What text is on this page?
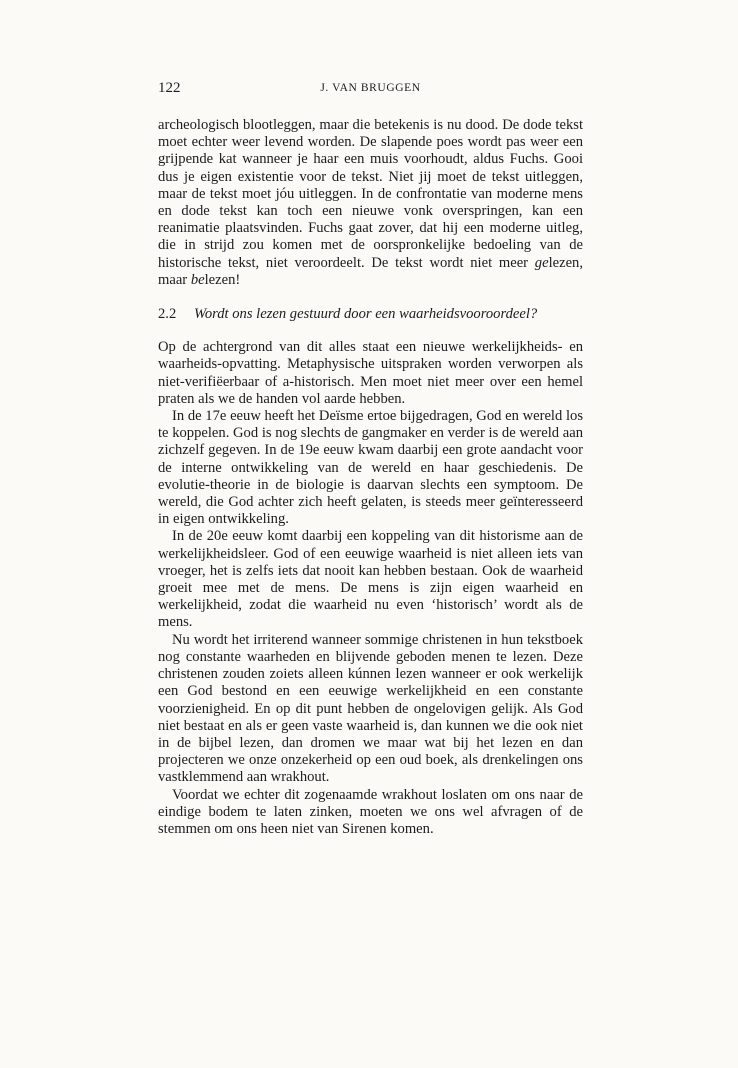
122	J. VAN BRUGGEN

archeologisch blootleggen, maar die betekenis is nu dood. De dode tekst moet echter weer levend worden. De slapende poes wordt pas weer een grijpende kat wanneer je haar een muis voorhoudt, aldus Fuchs. Gooi dus je eigen existentie voor de tekst. Niet jij moet de tekst uitleggen, maar de tekst moet jóu uitleggen. In de confrontatie van moderne mens en dode tekst kan toch een nieuwe vonk overspringen, kan een reanimatie plaatsvinden. Fuchs gaat zover, dat hij een moderne uitleg, die in strijd zou komen met de oorspronkelijke bedoeling van de historische tekst, niet veroordeelt. De tekst wordt niet meer gelezen, maar belezen!

2.2 Wordt ons lezen gestuurd door een waarheidsvooroordeel?

Op de achtergrond van dit alles staat een nieuwe werkelijkheids- en waarheids-opvatting. Metaphysische uitspraken worden verworpen als niet-verifiëerbaar of a-historisch. Men moet niet meer over een hemel praten als we de handen vol aarde hebben.

In de 17e eeuw heeft het Deïsme ertoe bijgedragen, God en wereld los te koppelen. God is nog slechts de gangmaker en verder is de wereld aan zichzelf gegeven. In de 19e eeuw kwam daarbij een grote aandacht voor de interne ontwikkeling van de wereld en haar geschiedenis. De evolutie-theorie in de biologie is daarvan slechts een symptoom. De wereld, die God achter zich heeft gelaten, is steeds meer geïnteresseerd in eigen ontwikkeling.

In de 20e eeuw komt daarbij een koppeling van dit historisme aan de werkelijkheidsleer. God of een eeuwige waarheid is niet alleen iets van vroeger, het is zelfs iets dat nooit kan hebben bestaan. Ook de waarheid groeit mee met de mens. De mens is zijn eigen waarheid en werkelijkheid, zodat die waarheid nu even ‘historisch’ wordt als de mens.

Nu wordt het irriterend wanneer sommige christenen in hun tekstboek nog constante waarheden en blijvende geboden menen te lezen. Deze christenen zouden zoiets alleen kúnnen lezen wanneer er ook werkelijk een God bestond en een eeuwige werkelijkheid en een constante voorzienigheid. En op dit punt hebben de ongelovigen gelijk. Als God niet bestaat en als er geen vaste waarheid is, dan kunnen we die ook niet in de bijbel lezen, dan dromen we maar wat bij het lezen en dan projecteren we onze onzekerheid op een oud boek, als drenkelingen ons vastklemmend aan wrakhout.

Voordat we echter dit zogenaamde wrakhout loslaten om ons naar de eindige bodem te laten zinken, moeten we ons wel afvragen of de stemmen om ons heen niet van Sirenen komen.
